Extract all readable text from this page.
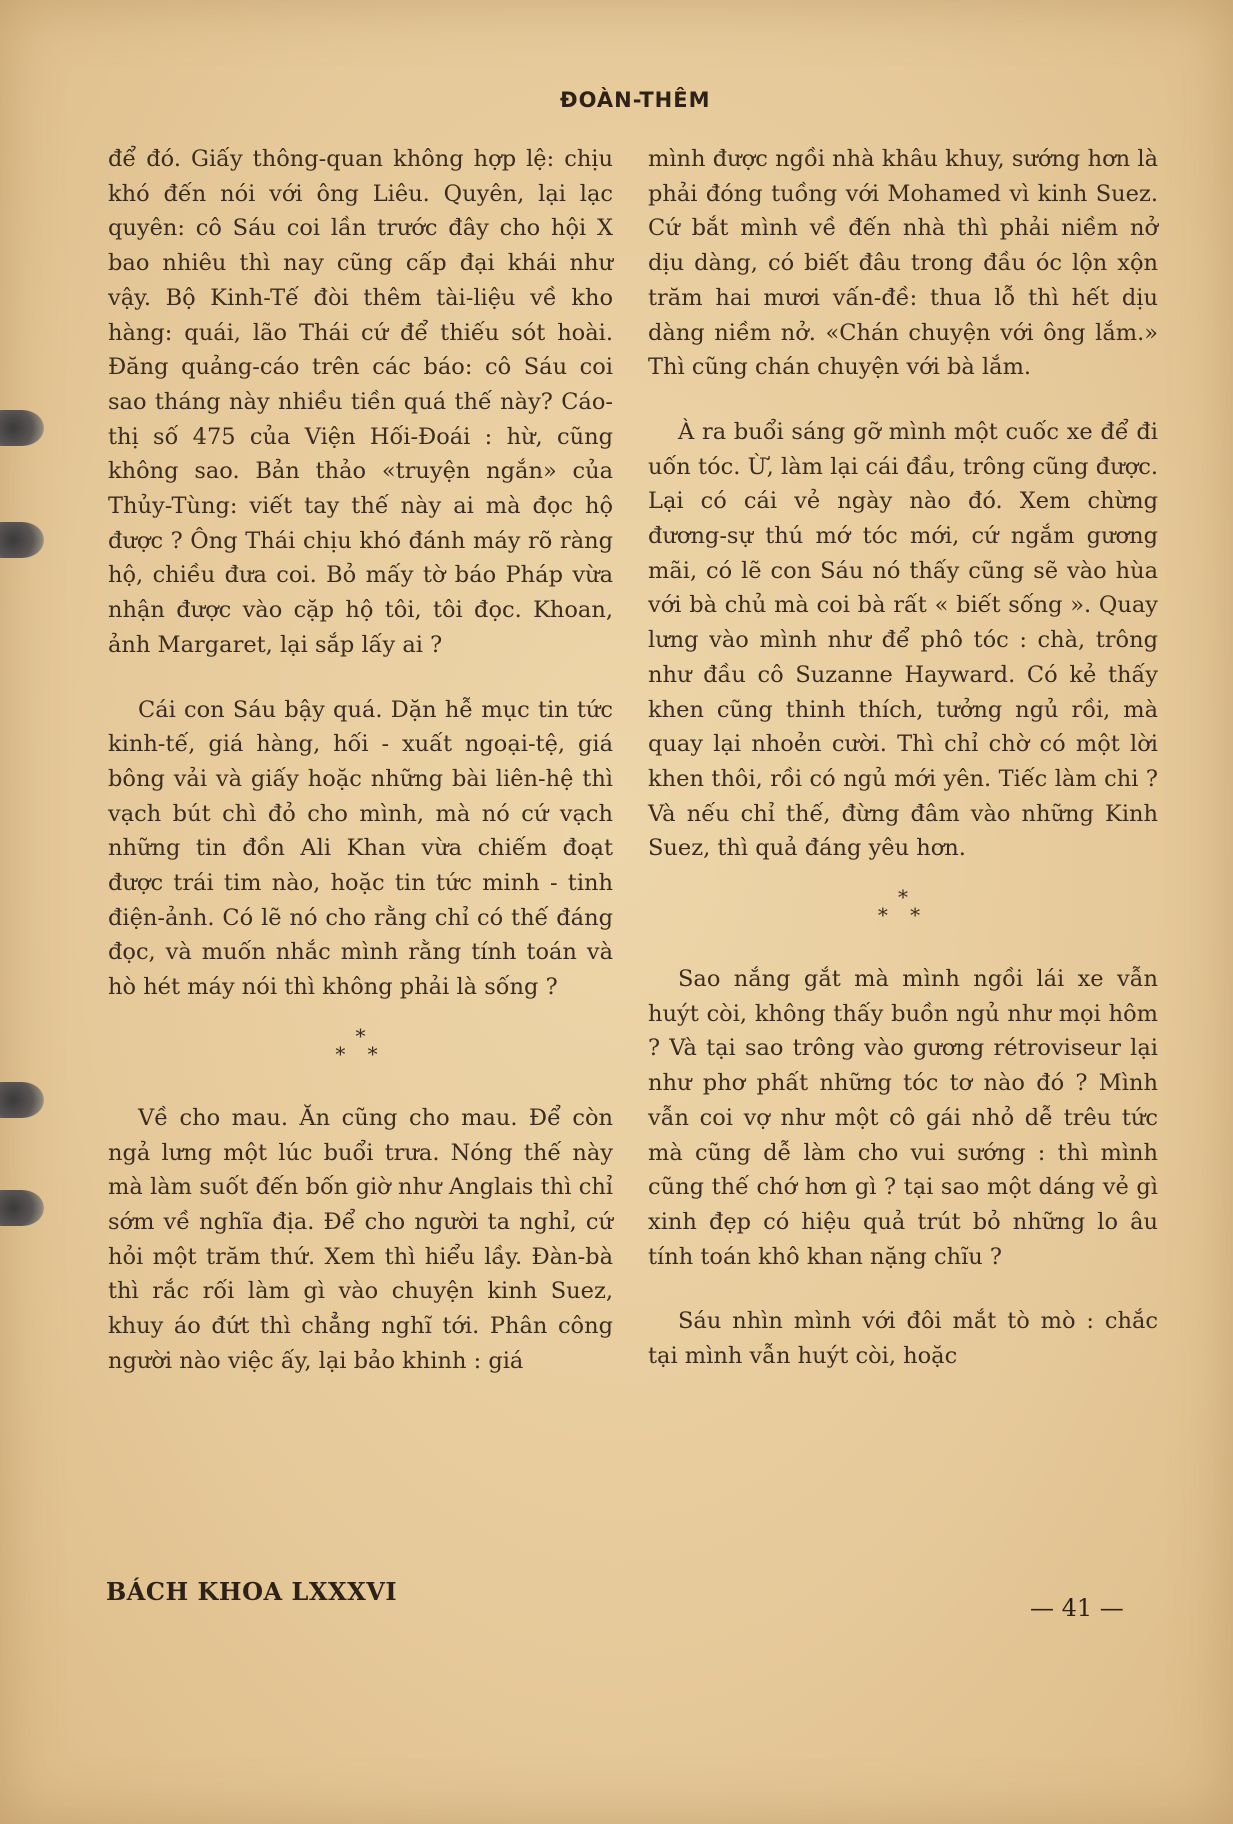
ĐOÀN-THÊM

để đó. Giấy thông-quan không hợp lệ: chịu khó đến nói với ông Liêu. Quyên, lại lạc quyên: cô Sáu coi lần trước đây cho hội X bao nhiêu thì nay cũng cấp đại khái như vậy. Bộ Kinh-Tế đòi thêm tài-liệu về kho hàng: quái, lão Thái cứ để thiếu sót hoài. Đăng quảng-cáo trên các báo: cô Sáu coi sao tháng này nhiều tiền quá thế này? Cáo-thị số 475 của Viện Hối-Đoái : hừ, cũng không sao. Bản thảo «truyện ngắn» của Thủy-Tùng: viết tay thế này ai mà đọc hộ được ? Ông Thái chịu khó đánh máy rõ ràng hộ, chiều đưa coi. Bỏ mấy tờ báo Pháp vừa nhận được vào cặp hộ tôi, tôi đọc. Khoan, ảnh Margaret, lại sắp lấy ai ?

Cái con Sáu bậy quá. Dặn hễ mục tin tức kinh-tế, giá hàng, hối - xuất ngoại-tệ, giá bông vải và giấy hoặc những bài liên-hệ thì vạch bút chì đỏ cho mình, mà nó cứ vạch những tin đồn Ali Khan vừa chiếm đoạt được trái tim nào, hoặc tin tức minh - tinh điện-ảnh. Có lẽ nó cho rằng chỉ có thế đáng đọc, và muốn nhắc mình rằng tính toán và hò hét máy nói thì không phải là sống ?

*
* *

Về cho mau. Ăn cũng cho mau. Để còn ngả lưng một lúc buổi trưa. Nóng thế này mà làm suốt đến bốn giờ như Anglais thì chỉ sớm về nghĩa địa. Để cho người ta nghỉ, cứ hỏi một trăm thứ. Xem thì hiểu lầy. Đàn-bà thì rắc rối làm gì vào chuyện kinh Suez, khuy áo đứt thì chẳng nghĩ tới. Phân công người nào việc ấy, lại bảo khinh : giá

mình được ngồi nhà khâu khuy, sướng hơn là phải đóng tuồng với Mohamed vì kinh Suez. Cứ bắt mình về đến nhà thì phải niềm nở dịu dàng, có biết đâu trong đầu óc lộn xộn trăm hai mươi vấn-đề: thua lỗ thì hết dịu dàng niềm nở. «Chán chuyện với ông lắm.» Thì cũng chán chuyện với bà lắm.

À ra buổi sáng gỡ mình một cuốc xe để đi uốn tóc. Ừ, làm lại cái đầu, trông cũng được. Lại có cái vẻ ngày nào đó. Xem chừng đương-sự thú mớ tóc mới, cứ ngắm gương mãi, có lẽ con Sáu nó thấy cũng sẽ vào hùa với bà chủ mà coi bà rất « biết sống ». Quay lưng vào mình như để phô tóc : chà, trông như đầu cô Suzanne Hayward. Có kẻ thấy khen cũng thinh thích, tưởng ngủ rồi, mà quay lại nhoẻn cười. Thì chỉ chờ có một lời khen thôi, rồi có ngủ mới yên. Tiếc làm chi ? Và nếu chỉ thế, đừng đâm vào những Kinh Suez, thì quả đáng yêu hơn.

*
* *

Sao nắng gắt mà mình ngồi lái xe vẫn huýt còi, không thấy buồn ngủ như mọi hôm ? Và tại sao trông vào gương rétroviseur lại như phơ phất những tóc tơ nào đó ? Mình vẫn coi vợ như một cô gái nhỏ dễ trêu tức mà cũng dễ làm cho vui sướng : thì mình cũng thế chớ hơn gì ? tại sao một dáng vẻ gì xinh đẹp có hiệu quả trút bỏ những lo âu tính toán khô khan nặng chĩu ?

Sáu nhìn mình với đôi mắt tò mò : chắc tại mình vẫn huýt còi, hoặc

BÁCH KHOA LXXXVI
— 41 —
